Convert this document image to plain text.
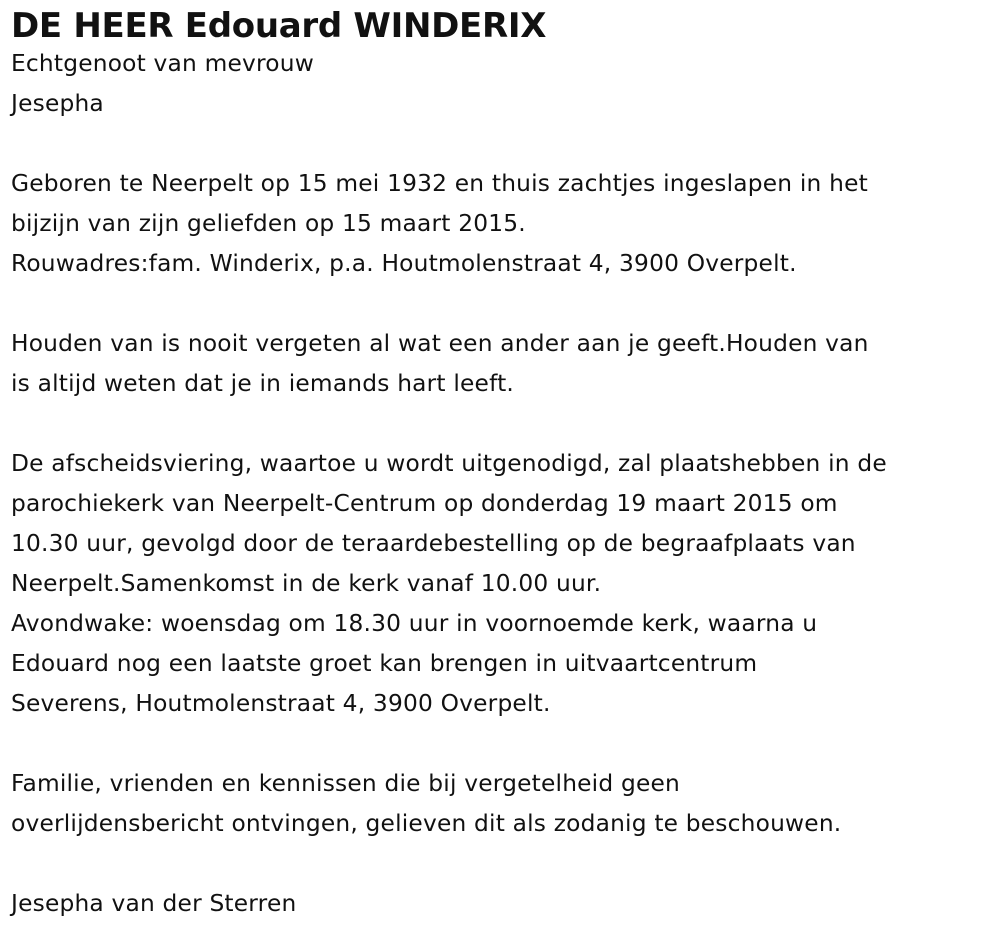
DE HEER Edouard WINDERIX

Echtgenoot van mevrouw

Jesepha

Geboren te Neerpelt op 15 mei 1932 en thuis zachtjes ingeslapen in het

bijzijn van zijn geliefden op 15 maart 2015.

Rouwadres:fam. Winderix, p.a. Houtmolenstraat 4, 3900 Overpelt.

Houden van is nooit vergeten al wat een ander aan je geeft.Houden van

is altijd weten dat je in iemands hart leeft.

De afscheidsviering, waartoe u wordt uitgenodigd, zal plaatshebben in de

parochiekerk van Neerpelt-Centrum op donderdag 19 maart 2015 om

10.30 uur, gevolgd door de teraardebestelling op de begraafplaats van

Neerpelt.Samenkomst in de kerk vanaf 10.00 uur.

Avondwake: woensdag om 18.30 uur in voornoemde kerk, waarna u

Edouard nog een laatste groet kan brengen in uitvaartcentrum

Severens, Houtmolenstraat 4, 3900 Overpelt.

Familie, vrienden en kennissen die bij vergetelheid geen

overlijdensbericht ontvingen, gelieven dit als zodanig te beschouwen.

Jesepha van der Sterren
